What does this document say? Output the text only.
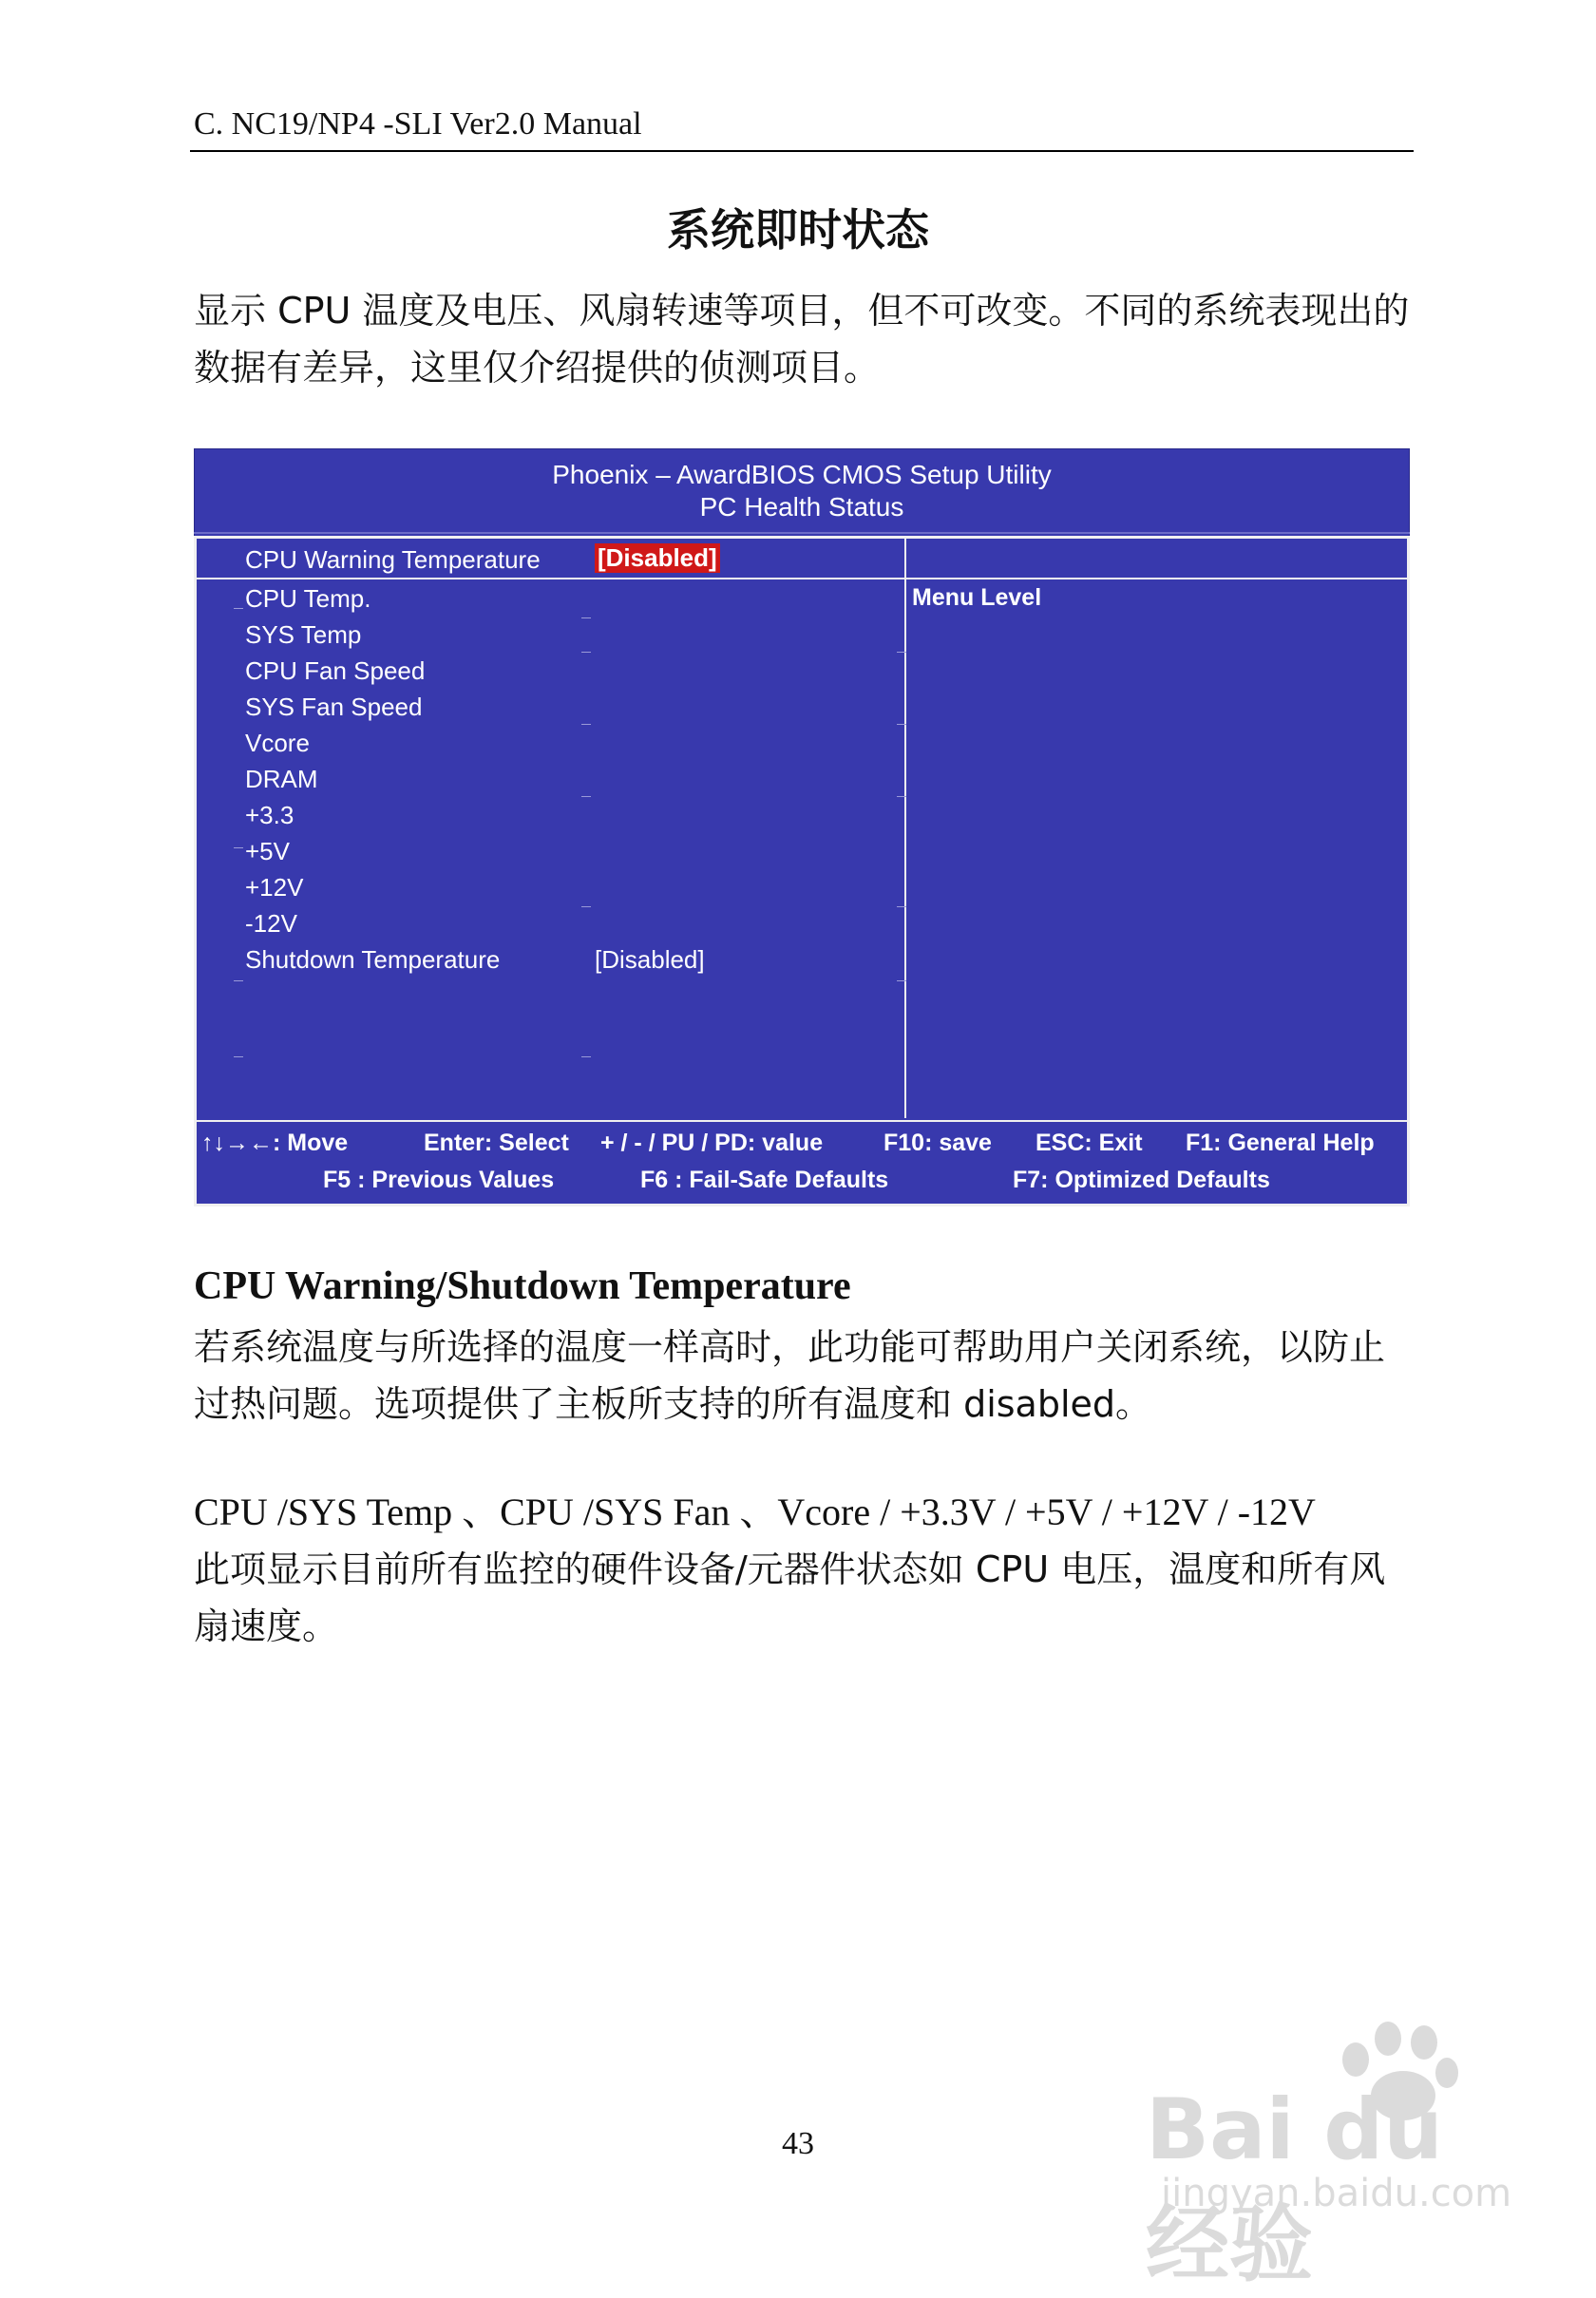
C. NC19/NP4 -SLI Ver2.0 Manual
系统即时状态
显示 CPU 温度及电压、风扇转速等项目，但不可改变。不同的系统表现出的数据有差异，这里仅介绍提供的侦测项目。
Phoenix – AwardBIOS CMOS Setup Utility
PC Health Status
CPU Warning Temperature [Disabled]
CPU Temp.
SYS Temp
CPU Fan Speed
SYS Fan Speed
Vcore
DRAM
+3.3
+5V
+12V
-12V
Shutdown Temperature	[Disabled]
Menu Level
↑↓→←: Move	Enter: Select + / - / PU / PD: value	F10: save ESC: Exit F1: General Help
F5 : Previous Values	F6 : Fail-Safe Defaults	F7: Optimized Defaults
CPU Warning/Shutdown Temperature
若系统温度与所选择的温度一样高时，此功能可帮助用户关闭系统，以防止过热问题。选项提供了主板所支持的所有温度和 disabled。
CPU /SYS Temp 、CPU /SYS Fan 、Vcore / +3.3V / +5V / +12V / -12V
此项显示目前所有监控的硬件设备/元器件状态如 CPU 电压，温度和所有风扇速度。
43	Bai du 经验
jingyan.baidu.com
